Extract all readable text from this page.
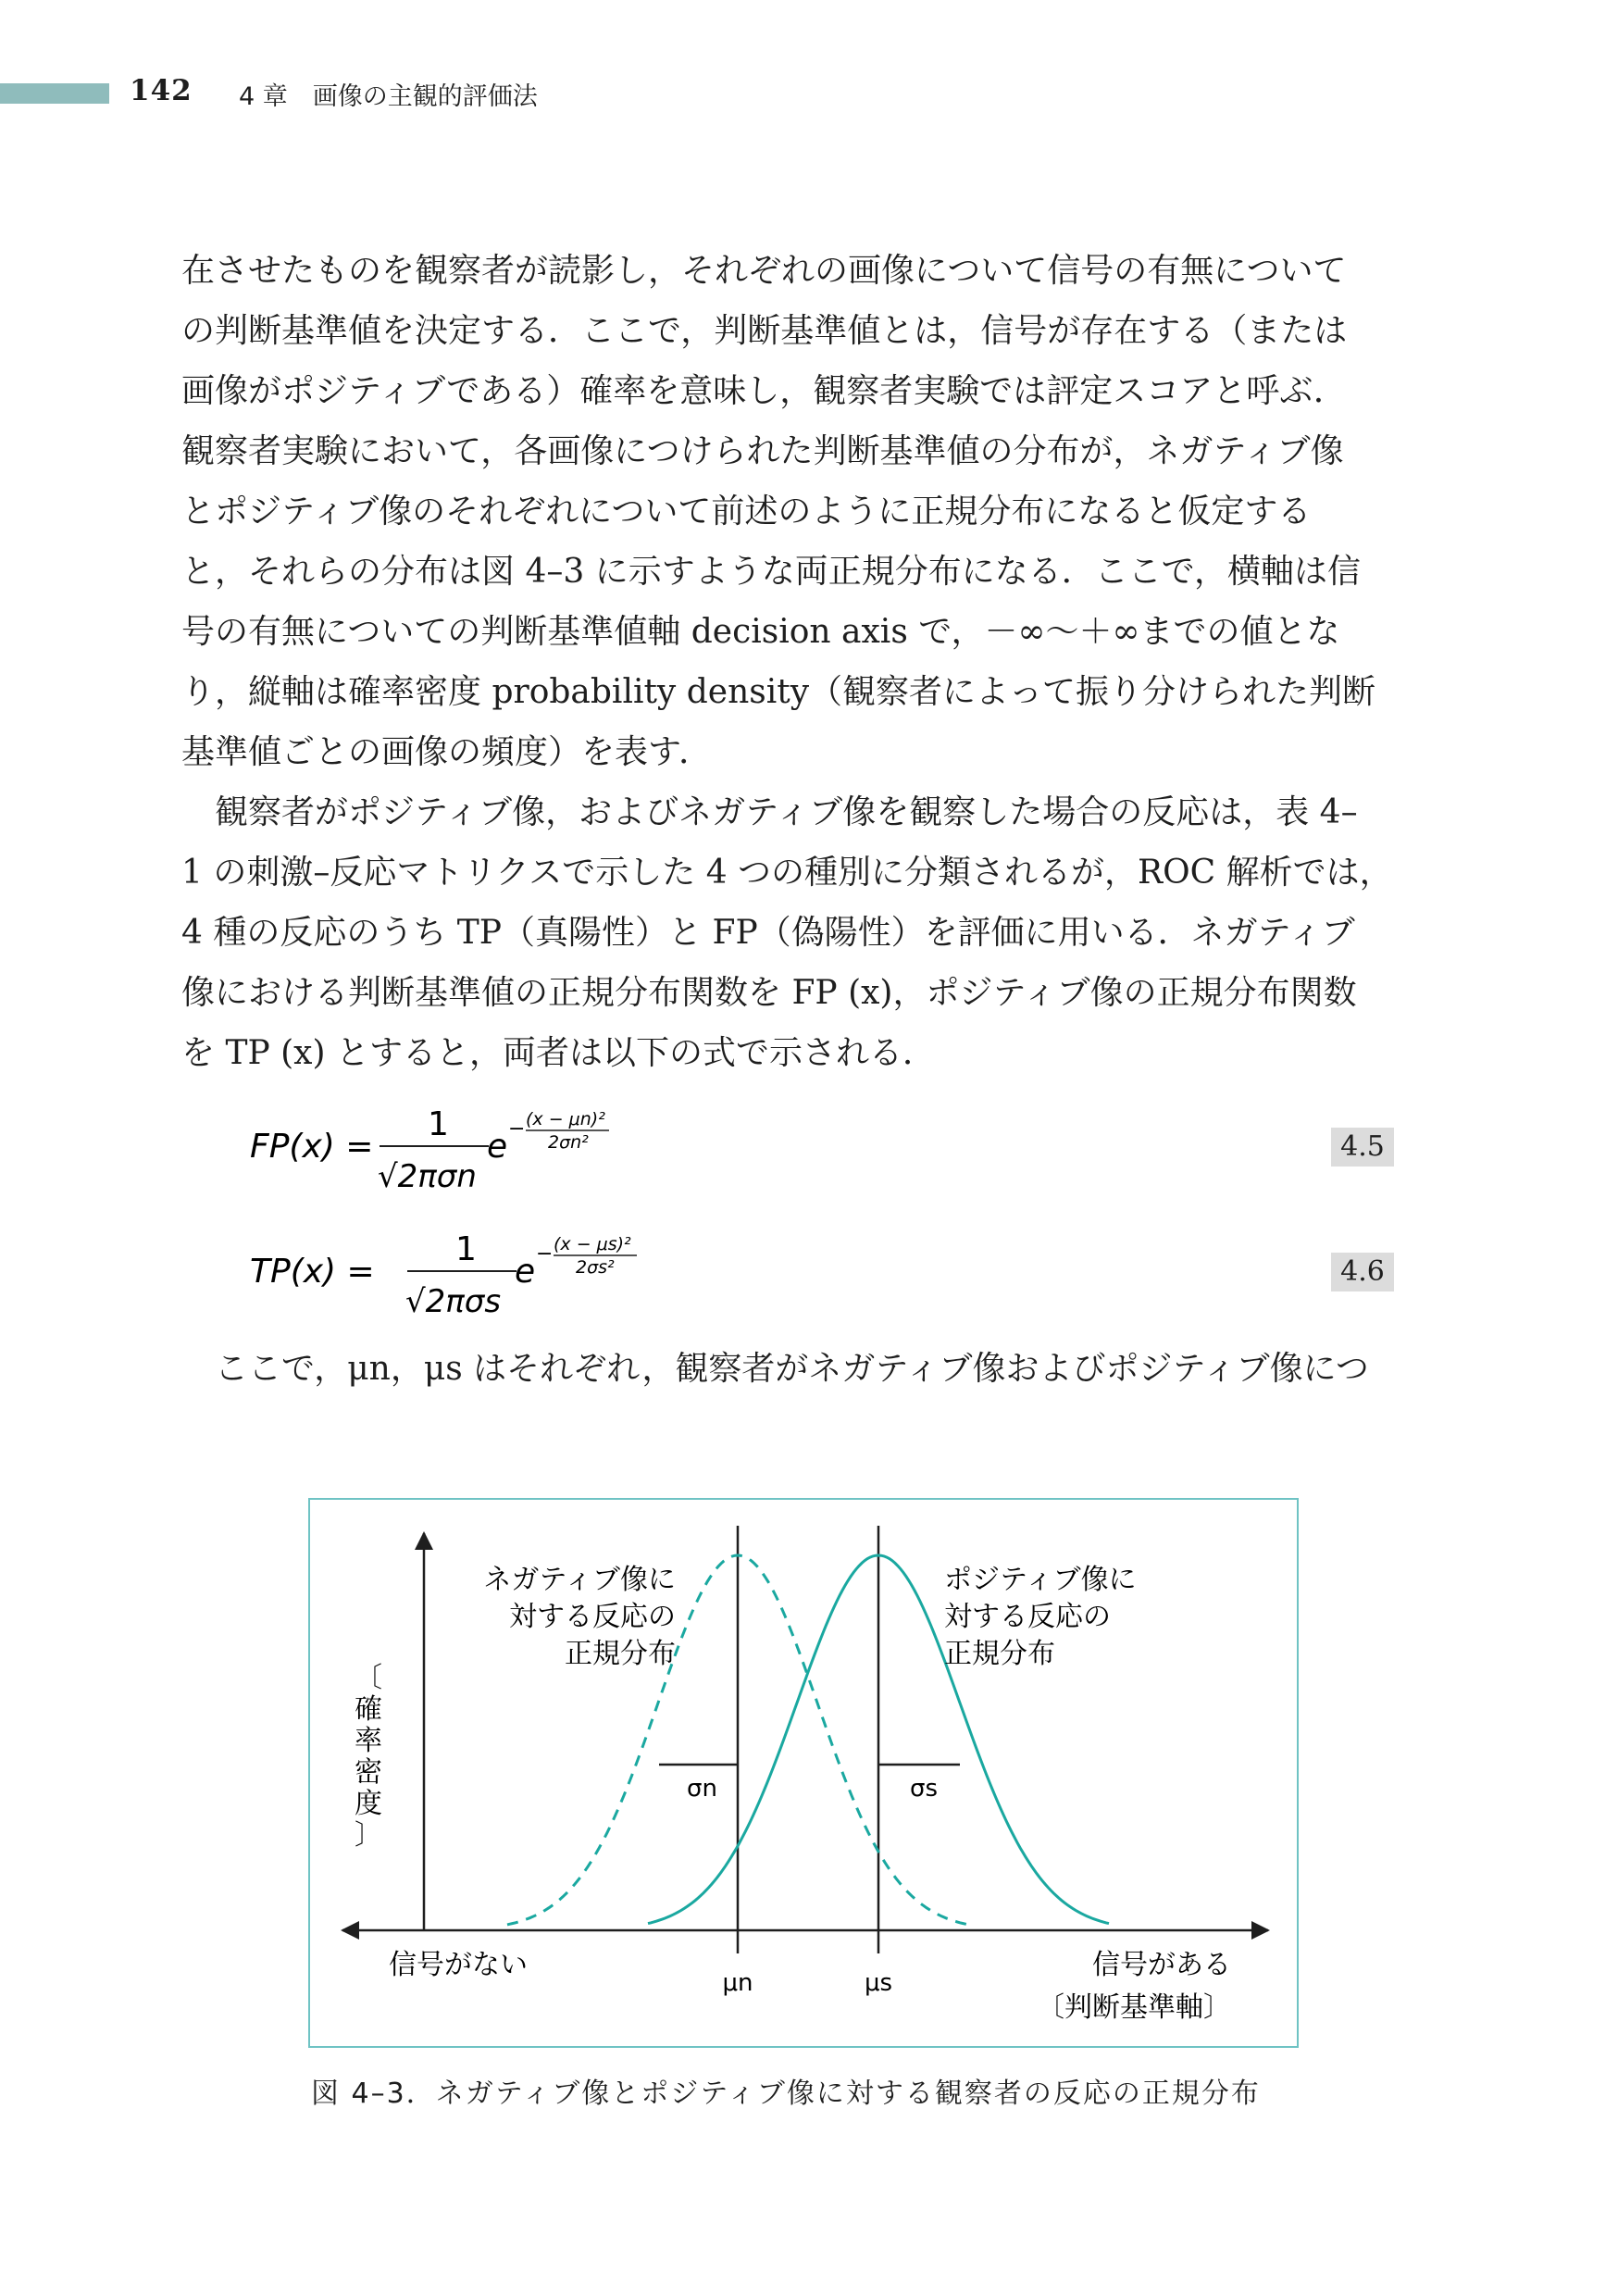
142 4 章　画像の主観的評価法
在させたものを観察者が読影し，それぞれの画像について信号の有無について
の判断基準値を決定する．ここで，判断基準値とは，信号が存在する（または
画像がポジティブである）確率を意味し，観察者実験では評定スコアと呼ぶ．
観察者実験において，各画像につけられた判断基準値の分布が，ネガティブ像
とポジティブ像のそれぞれについて前述のように正規分布になると仮定する
と，それらの分布は図 4–3 に示すような両正規分布になる．ここで，横軸は信
号の有無についての判断基準値軸 decision axis で，－∞～＋∞までの値とな
り，縦軸は確率密度 probability density（観察者によって振り分けられた判断
基準値ごとの画像の頻度）を表す．
　観察者がポジティブ像，およびネガティブ像を観察した場合の反応は，表 4–
1 の刺激–反応マトリクスで示した 4 つの種別に分類されるが，ROC 解析では，
4 種の反応のうち TP（真陽性）と FP（偽陽性）を評価に用いる．ネガティブ
像における判断基準値の正規分布関数を FP (x)，ポジティブ像の正規分布関数
を TP (x) とすると，両者は以下の式で示される．
FP(x) =
1
√2πσn
e − (x − μn)²
2σn²	4.5
TP(x) =
1
√2πσs
e − (x − μs)²
2σs²	4.6
　ここで，μn，μs はそれぞれ，観察者がネガティブ像およびポジティブ像につ
σn	σs
ネガティブ像に
対する反応の
正規分布
ポジティブ像に
対する反応の
正規分布
〔
確
率
密
度
〕
信号がない	信号がある
〔判断基準軸〕
μn	μs
図 4–3．ネガティブ像とポジティブ像に対する観察者の反応の正規分布
